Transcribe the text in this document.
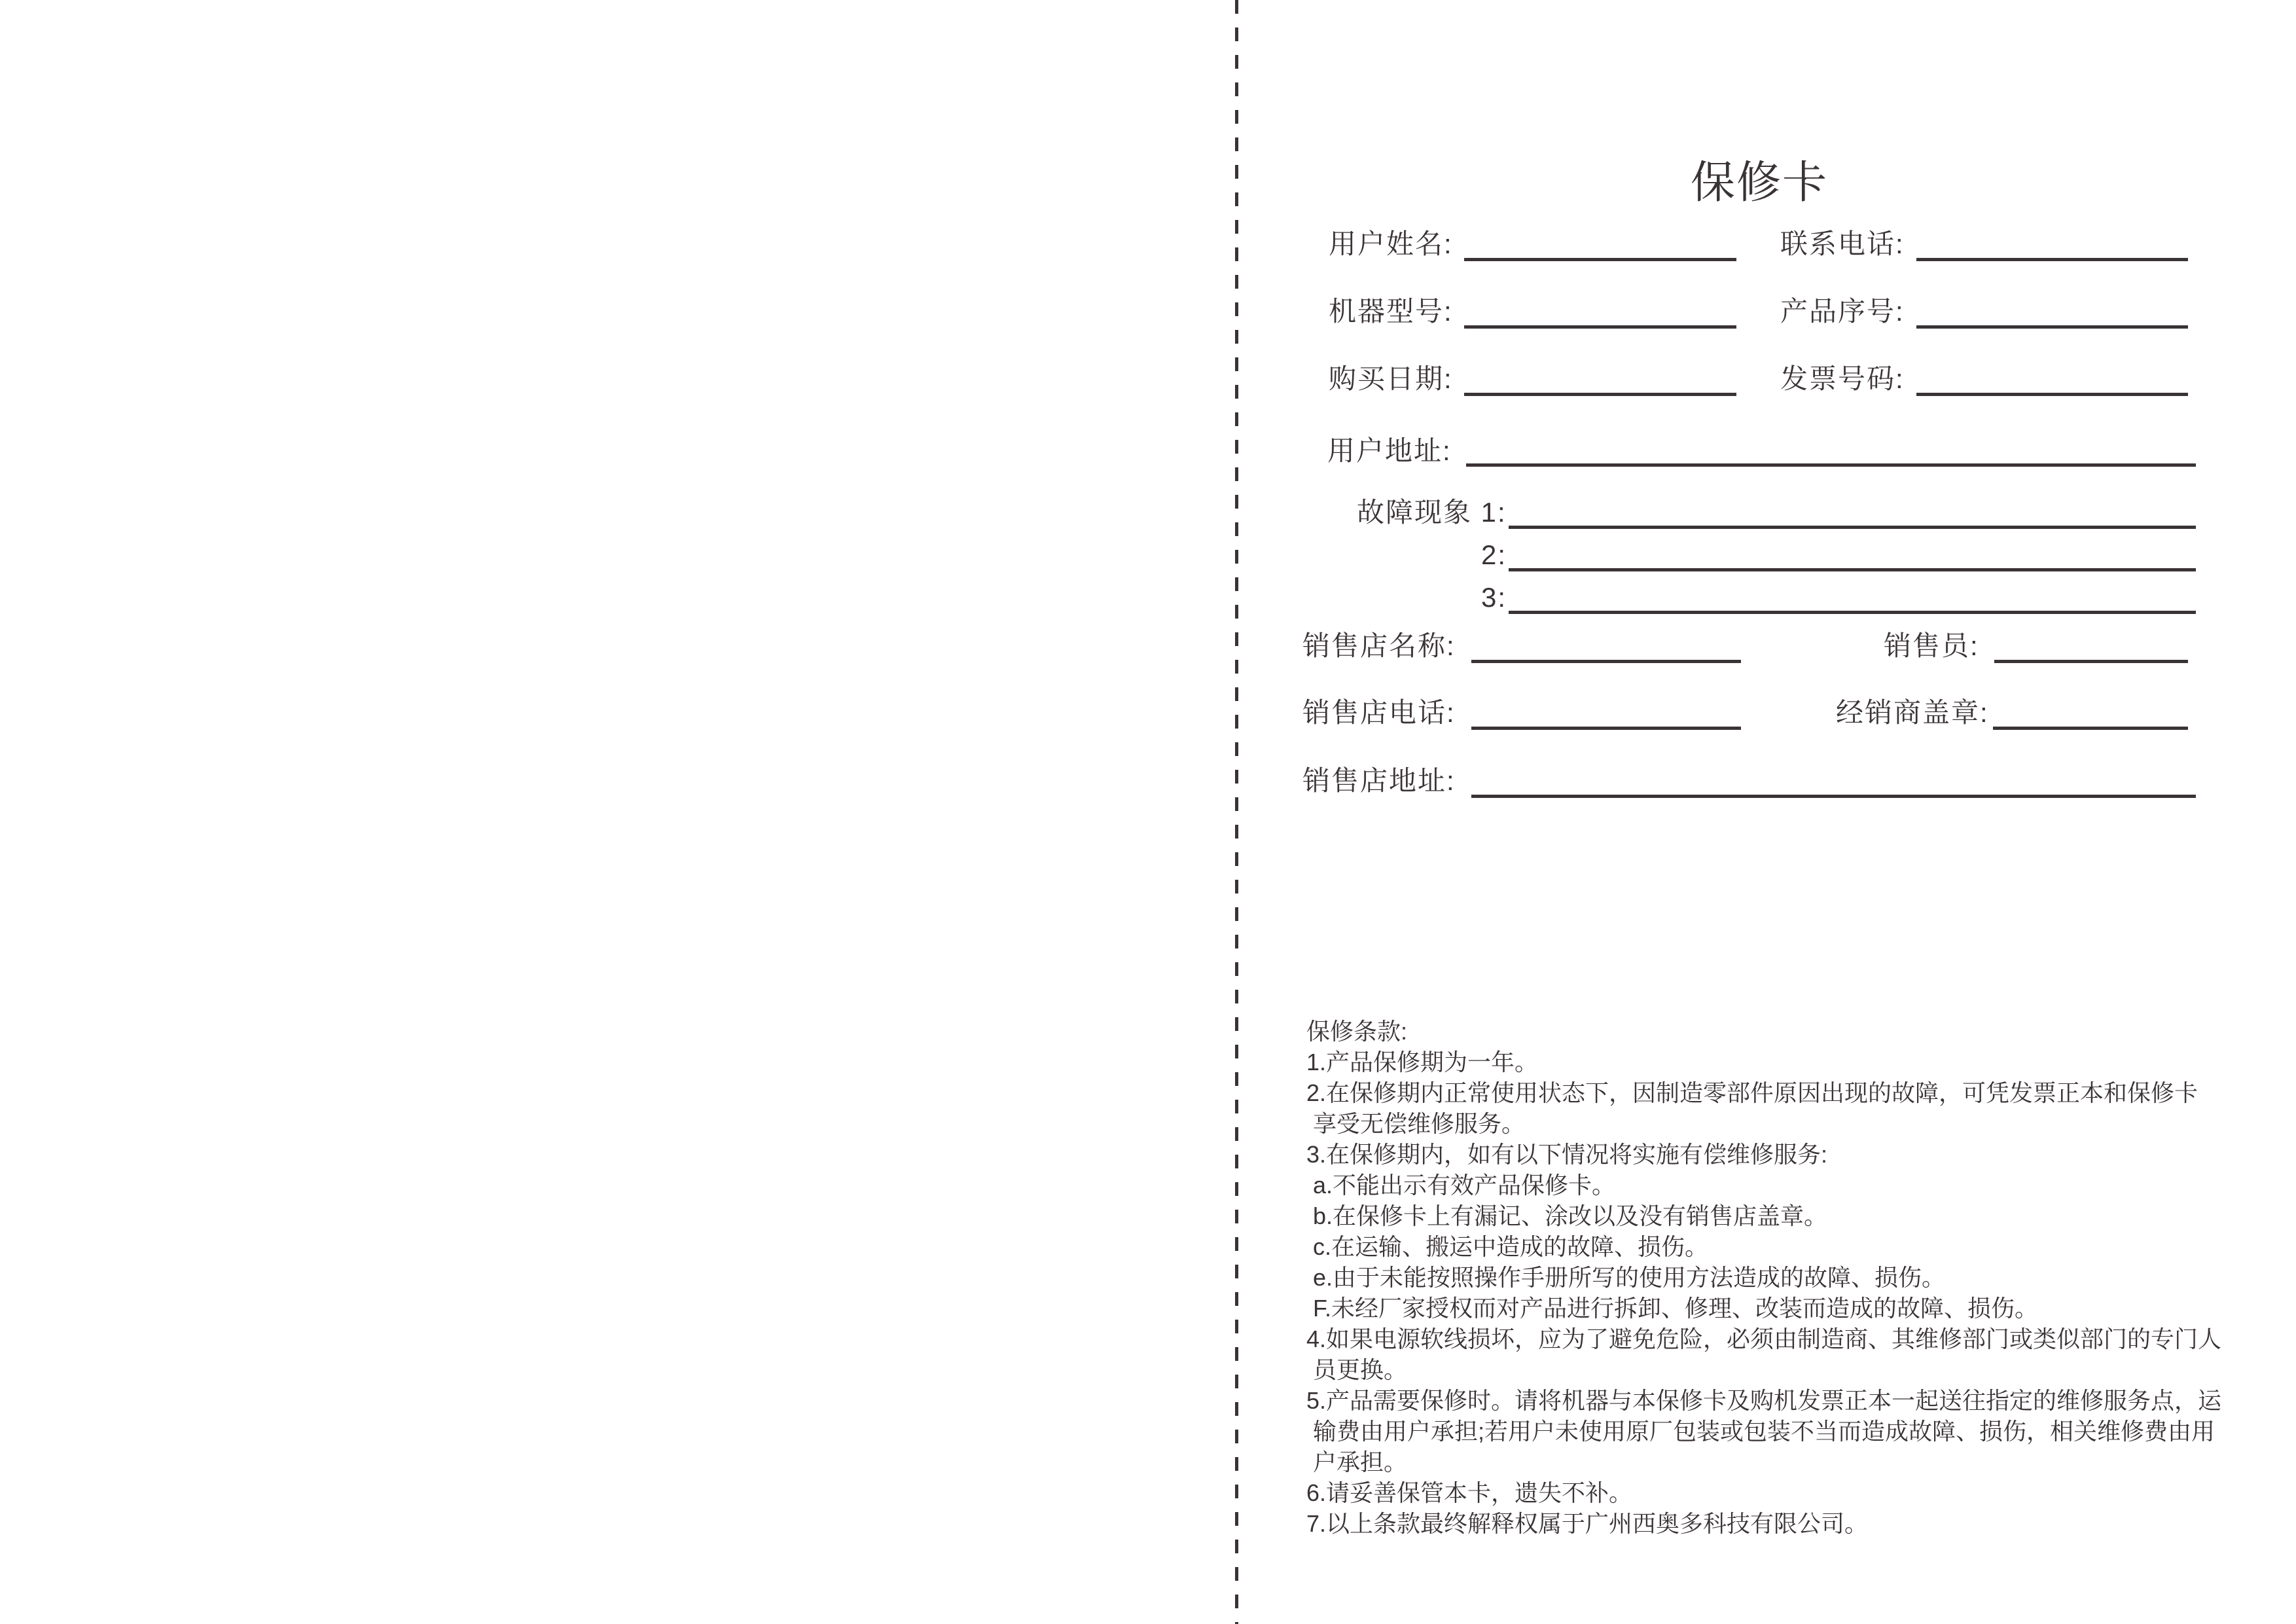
保修卡
用户姓名:	联系电话:
机器型号:	产品序号:
购买日期:	发票号码:
用户地址:
故障现象 1:
2:
3:
销售店名称:	销售员:
销售店电话:	经销商盖章:
销售店地址:
保修条款:
1.产品保修期为一年。
2.在保修期内正常使用状态下，因制造零部件原因出现的故障，可凭发票正本和保修卡
享受无偿维修服务。
3.在保修期内，如有以下情况将实施有偿维修服务:
a.不能出示有效产品保修卡。
b.在保修卡上有漏记、涂改以及没有销售店盖章。
c.在运输、搬运中造成的故障、损伤。
e.由于未能按照操作手册所写的使用方法造成的故障、损伤。
F.未经厂家授权而对产品进行拆卸、修理、改装而造成的故障、损伤。
4.如果电源软线损坏，应为了避免危险，必须由制造商、其维修部门或类似部门的专门人
员更换。
5.产品需要保修时。请将机器与本保修卡及购机发票正本一起送往指定的维修服务点，运
输费由用户承担;若用户未使用原厂包装或包装不当而造成故障、损伤，相关维修费由用
户承担。
6.请妥善保管本卡，遗失不补。
7.以上条款最终解释权属于广州西奥多科技有限公司。
